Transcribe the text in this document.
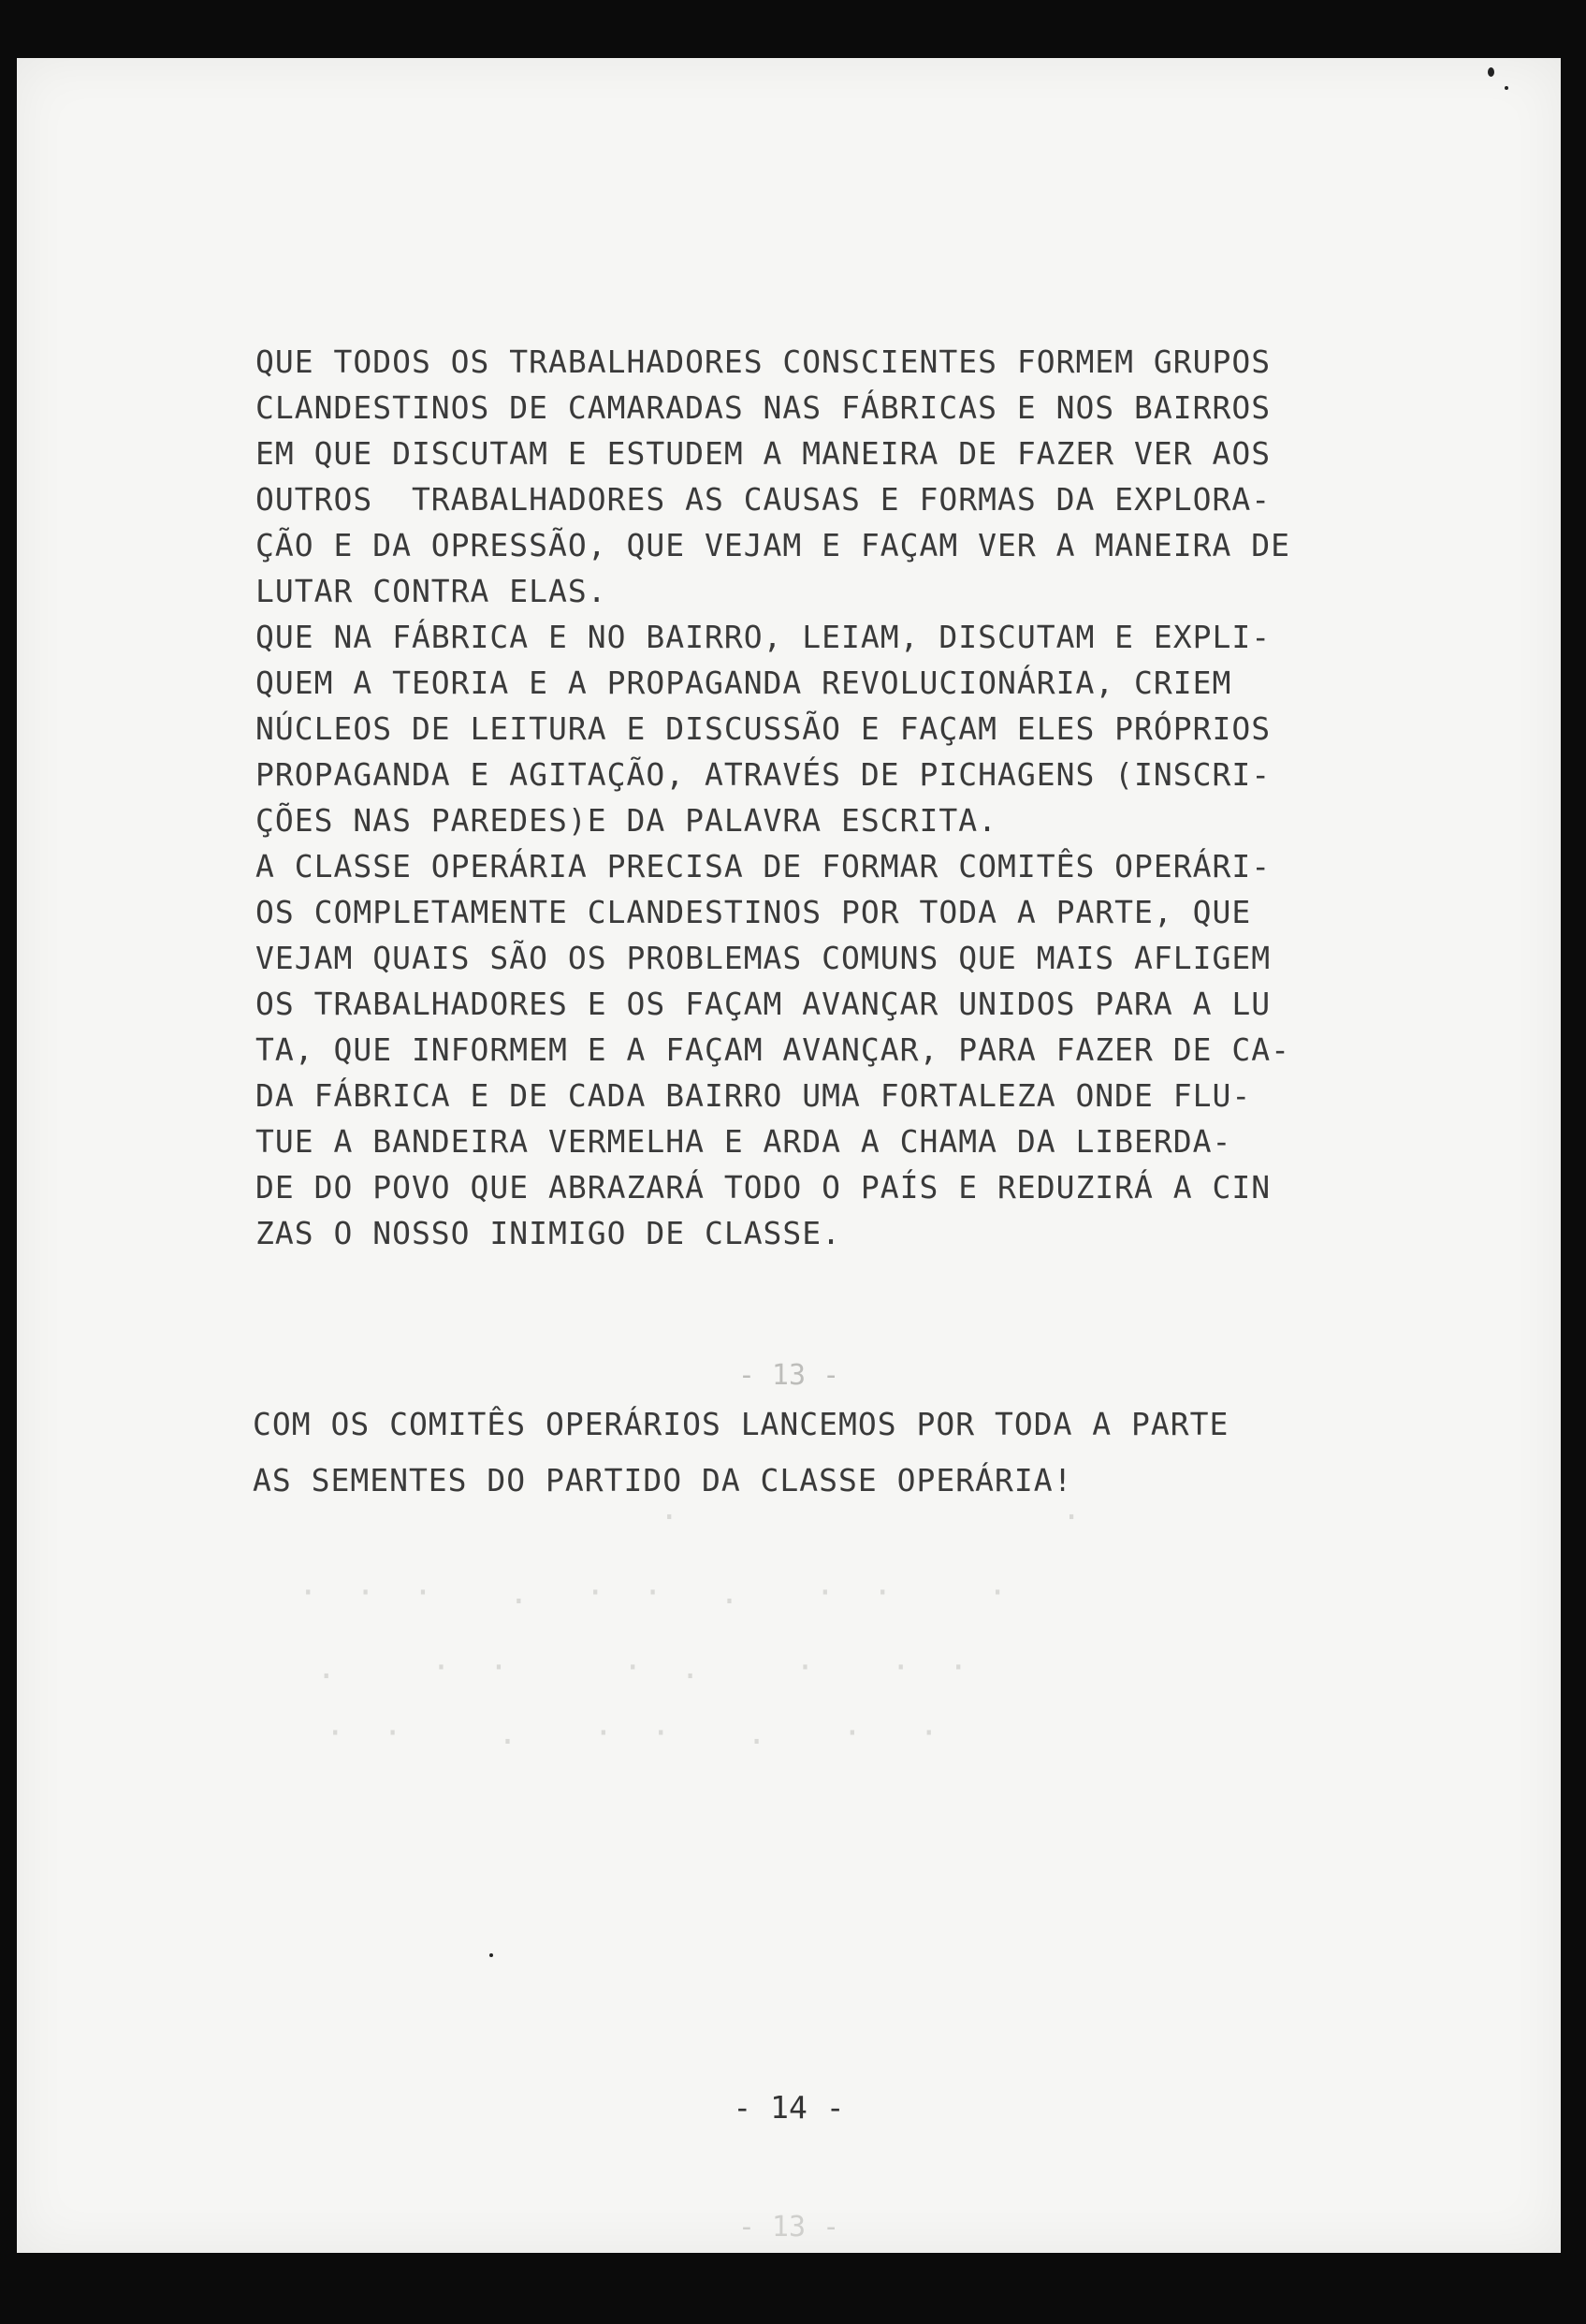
.                    .
·  ·  ·    .   ·  ·   .    ·  ·     ·
.     ·  ·      ·  .     ·    ·  ·
·  ·     .    ·  ·    .    ·   ·
QUE TODOS OS TRABALHADORES CONSCIENTES FORMEM GRUPOS
CLANDESTINOS DE CAMARADAS NAS FÁBRICAS E NOS BAIRROS
EM QUE DISCUTAM E ESTUDEM A MANEIRA DE FAZER VER AOS
OUTROS  TRABALHADORES AS CAUSAS E FORMAS DA EXPLORA-
ÇÃO E DA OPRESSÃO, QUE VEJAM E FAÇAM VER A MANEIRA DE
LUTAR CONTRA ELAS.
QUE NA FÁBRICA E NO BAIRRO, LEIAM, DISCUTAM E EXPLI-
QUEM A TEORIA E A PROPAGANDA REVOLUCIONÁRIA, CRIEM
NÚCLEOS DE LEITURA E DISCUSSÃO E FAÇAM ELES PRÓPRIOS
PROPAGANDA E AGITAÇÃO, ATRAVÉS DE PICHAGENS (INSCRI-
ÇÕES NAS PAREDES)E DA PALAVRA ESCRITA.
A CLASSE OPERÁRIA PRECISA DE FORMAR COMITÊS OPERÁRI-
OS COMPLETAMENTE CLANDESTINOS POR TODA A PARTE, QUE
VEJAM QUAIS SÃO OS PROBLEMAS COMUNS QUE MAIS AFLIGEM
OS TRABALHADORES E OS FAÇAM AVANÇAR UNIDOS PARA A LU
TA, QUE INFORMEM E A FAÇAM AVANÇAR, PARA FAZER DE CA-
DA FÁBRICA E DE CADA BAIRRO UMA FORTALEZA ONDE FLU-
TUE A BANDEIRA VERMELHA E ARDA A CHAMA DA LIBERDA-
DE DO POVO QUE ABRAZARÁ TODO O PAÍS E REDUZIRÁ A CIN
ZAS O NOSSO INIMIGO DE CLASSE.
- 13 -
COM OS COMITÊS OPERÁRIOS LANCEMOS POR TODA A PARTE
AS SEMENTES DO PARTIDO DA CLASSE OPERÁRIA!
- 14 -
- 13 -
